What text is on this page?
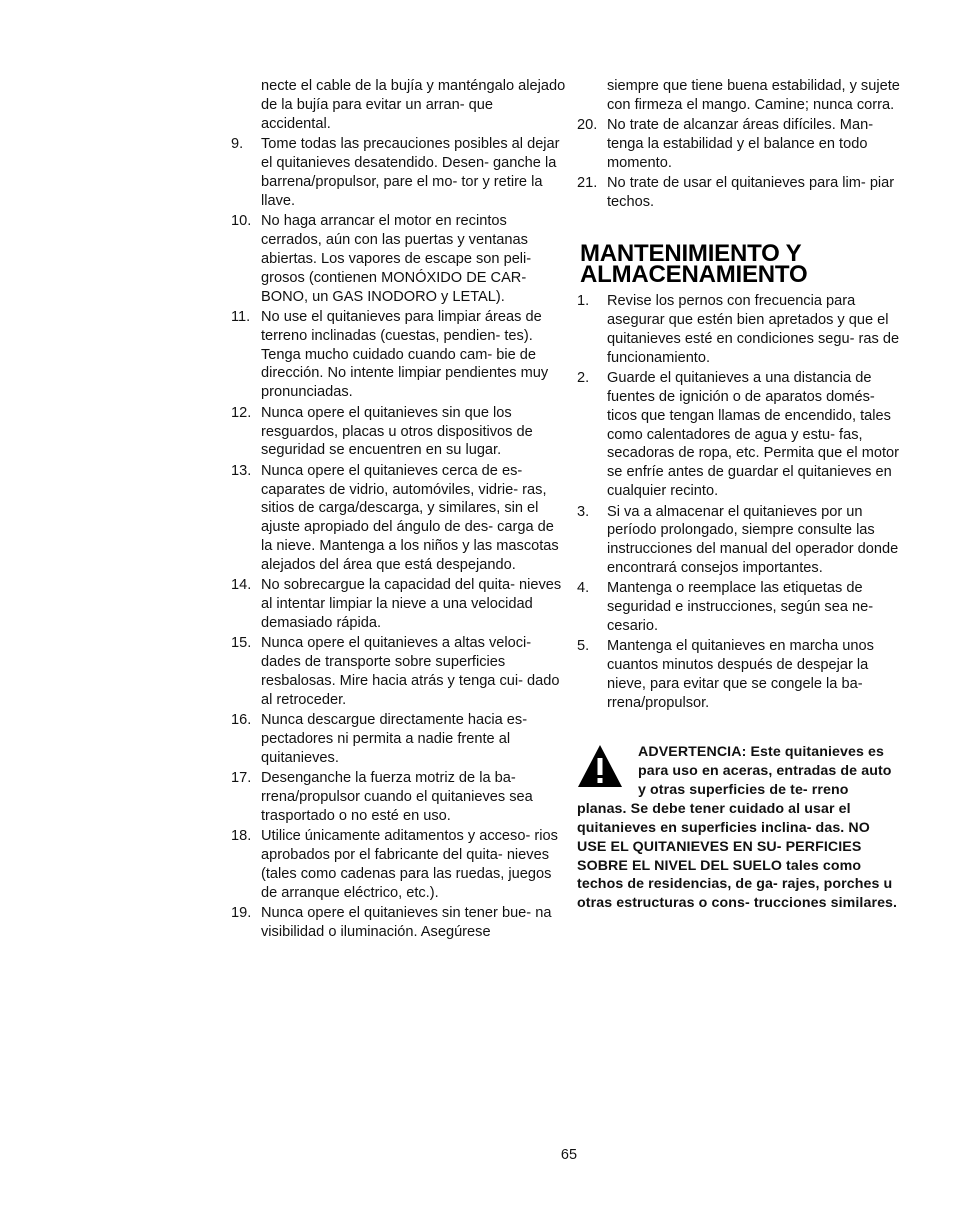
necte el cable de la bujía y manténgalo alejado de la bujía para evitar un arran- que accidental.

9. Tome todas las precauciones posibles al dejar el quitanieves desatendido. Desen- ganche la barrena/propulsor, pare el mo- tor y retire la llave.
10. No haga arrancar el motor en recintos cerrados, aún con las puertas y ventanas abiertas. Los vapores de escape son peli- grosos (contienen MONÓXIDO DE CAR- BONO, un GAS INODORO y LETAL).
11. No use el quitanieves para limpiar áreas de terreno inclinadas (cuestas, pendien- tes). Tenga mucho cuidado cuando cam- bie de dirección. No intente limpiar pendientes muy pronunciadas.
12. Nunca opere el quitanieves sin que los resguardos, placas u otros dispositivos de seguridad se encuentren en su lugar.
13. Nunca opere el quitanieves cerca de es- caparates de vidrio, automóviles, vidrie- ras, sitios de carga/descarga, y similares, sin el ajuste apropiado del ángulo de des- carga de la nieve. Mantenga a los niños y las mascotas alejados del área que está despejando.
14. No sobrecargue la capacidad del quita- nieves al intentar limpiar la nieve a una velocidad demasiado rápida.
15. Nunca opere el quitanieves a altas veloci- dades de transporte sobre superficies resbalosas. Mire hacia atrás y tenga cui- dado al retroceder.
16. Nunca descargue directamente hacia es- pectadores ni permita a nadie frente al quitanieves.
17. Desenganche la fuerza motriz de la ba- rrena/propulsor cuando el quitanieves sea trasportado o no esté en uso.
18. Utilice únicamente aditamentos y acceso- rios aprobados por el fabricante del quita- nieves (tales como cadenas para las ruedas, juegos de arranque eléctrico, etc.).
19. Nunca opere el quitanieves sin tener bue- na visibilidad o iluminación. Asegúrese

siempre que tiene buena estabilidad, y sujete con firmeza el mango. Camine; nunca corra.

20. No trate de alcanzar áreas difíciles. Man- tenga la estabilidad y el balance en todo momento.
21. No trate de usar el quitanieves para lim- piar techos.
MANTENIMIENTO Y
ALMACENAMIENTO
1. Revise los pernos con frecuencia para asegurar que estén bien apretados y que el quitanieves esté en condiciones segu- ras de funcionamiento.
2. Guarde el quitanieves a una distancia de fuentes de ignición o de aparatos domés- ticos que tengan llamas de encendido, tales como calentadores de agua y estu- fas, secadoras de ropa, etc. Permita que el motor se enfríe antes de guardar el quitanieves en cualquier recinto.
3. Si va a almacenar el quitanieves por un período prolongado, siempre consulte las instrucciones del manual del operador donde encontrará consejos importantes.
4. Mantenga o reemplace las etiquetas de seguridad e instrucciones, según sea ne- cesario.
5. Mantenga el quitanieves en marcha unos cuantos minutos después de despejar la nieve, para evitar que se congele la ba- rrena/propulsor.

ADVERTENCIA: Este quitanieves es para uso en aceras, entradas de auto y otras superficies de te- rreno planas. Se debe tener cuidado al usar el quitanieves en superficies inclina- das. NO USE EL QUITANIEVES EN SU- PERFICIES SOBRE EL NIVEL DEL SUELO tales como techos de residencias, de ga- rajes, porches u otras estructuras o cons- trucciones similares.

65
